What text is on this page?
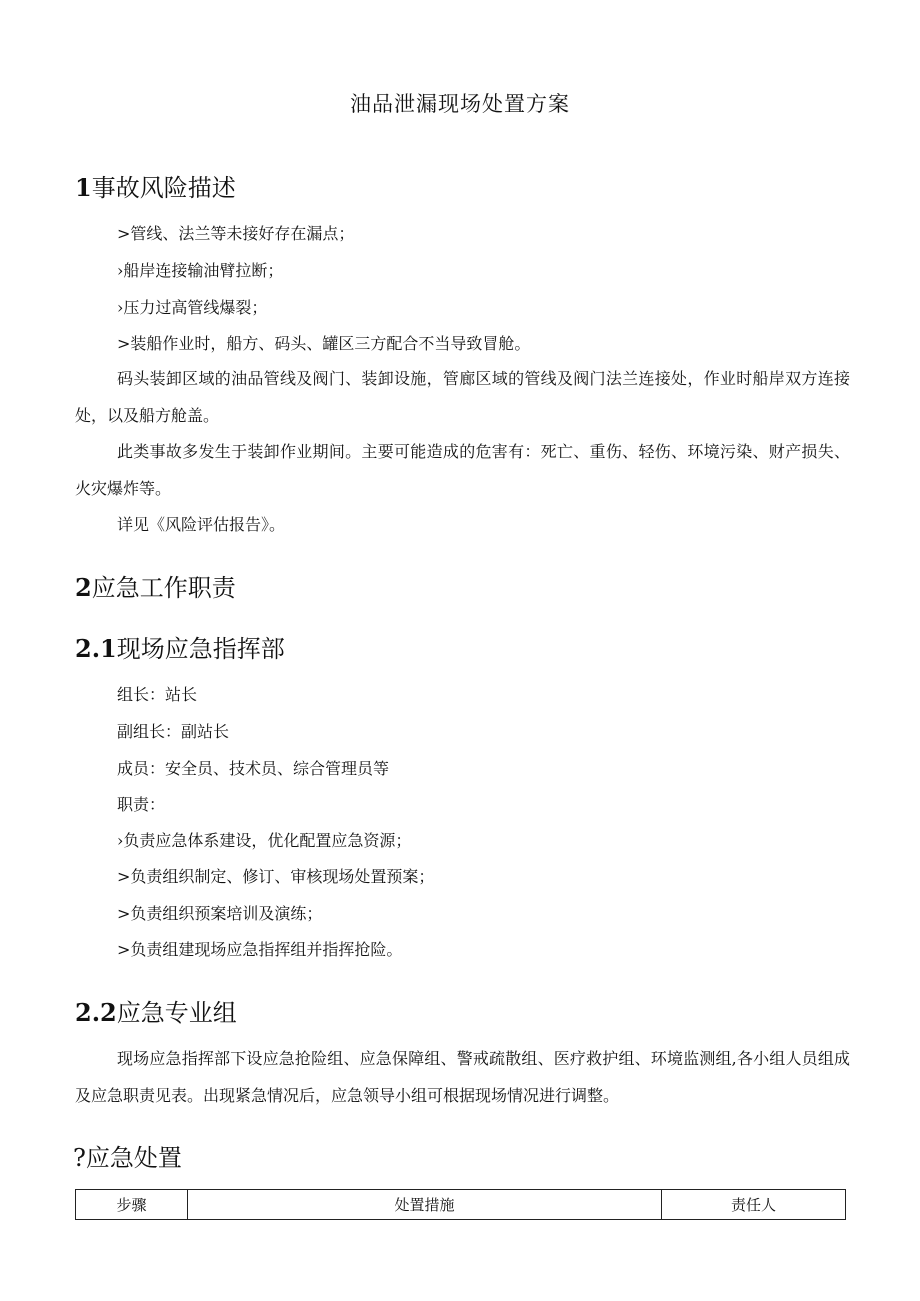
油品泄漏现场处置方案
1事故风险描述
>管线、法兰等未接好存在漏点；
›船岸连接输油臂拉断；
›压力过高管线爆裂；
>装船作业时，船方、码头、罐区三方配合不当导致冒舱。
码头装卸区域的油品管线及阀门、装卸设施，管廊区域的管线及阀门法兰连接处，作业时船岸双方连接处，以及船方舱盖。
此类事故多发生于装卸作业期间。主要可能造成的危害有：死亡、重伤、轻伤、环境污染、财产损失、火灾爆炸等。
详见《风险评估报告》。
2应急工作职责
2.1现场应急指挥部
组长：站长
副组长：副站长
成员：安全员、技术员、综合管理员等
职责：
›负责应急体系建设，优化配置应急资源；
>负责组织制定、修订、审核现场处置预案；
>负责组织预案培训及演练；
>负责组建现场应急指挥组并指挥抢险。
2.2应急专业组
现场应急指挥部下设应急抢险组、应急保障组、警戒疏散组、医疗救护组、环境监测组,各小组人员组成及应急职责见表。出现紧急情况后，应急领导小组可根据现场情况进行调整。
?应急处置
步骤	处置措施	责任人
